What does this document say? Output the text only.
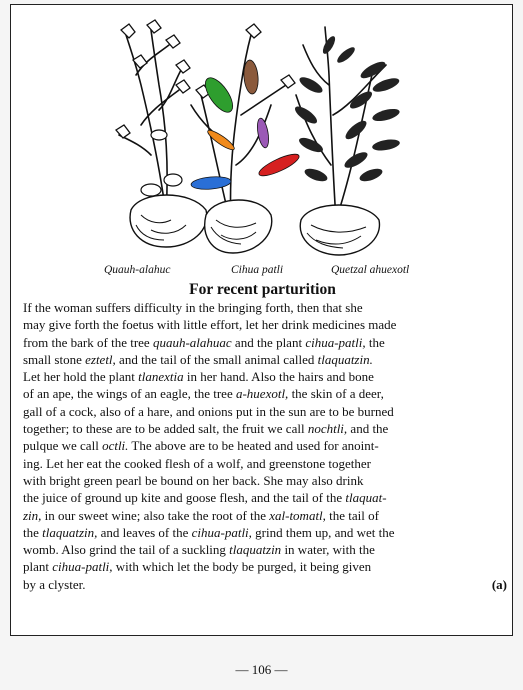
Quauh-alahuc	Cihua patli	Quetzal ahuexotl
For recent parturition
If the woman suffers difficulty in the bringing forth, then that she
may give forth the foetus with little effort, let her drink medicines made
from the bark of the tree quauh-alahuac and the plant cihua-patli, the
small stone eztetl, and the tail of the small animal called tlaquatzin.
Let her hold the plant tlanextia in her hand. Also the hairs and bone
of an ape, the wings of an eagle, the tree a-huexotl, the skin of a deer,
gall of a cock, also of a hare, and onions put in the sun are to be burned
together; to these are to be added salt, the fruit we call nochtli, and the
pulque we call octli. The above are to be heated and used for anoint-
ing. Let her eat the cooked flesh of a wolf, and greenstone together
with bright green pearl be bound on her back. She may also drink
the juice of ground up kite and goose flesh, and the tail of the tlaquat-
zin, in our sweet wine; also take the root of the xal-tomatl, the tail of
the tlaquatzin, and leaves of the cihua-patli, grind them up, and wet the
womb. Also grind the tail of a suckling tlaquatzin in water, with the
plant cihua-patli, with which let the body be purged, it being given
by a clyster.	(a)
— 106 —
